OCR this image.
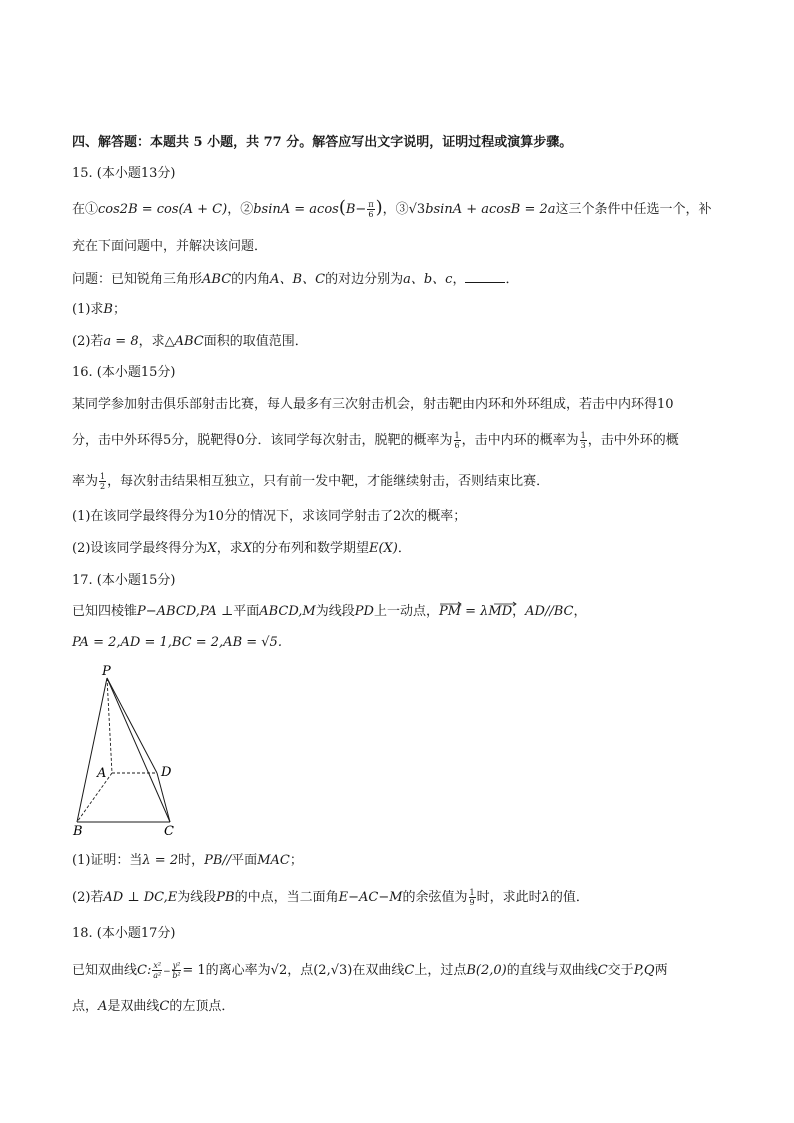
四、解答题：本题共 5 小题，共 77 分。解答应写出文字说明，证明过程或演算步骤。
15. (本小题13分)
在①cos2B = cos(A + C)，②bsinA = $acos(B- \frac{\pi}{6}$ )，③√3bsinA + acosB = 2a这三个条件中任选一个，补
充在下面问题中，并解决该问题．
问题：已知锐角三角形ABC的内角A、B、C的对边分别为a、b、c，	．
(1)求B；
(2)若a = 8，求△ABC面积的取值范围．
16. (本小题15分)
某同学参加射击俱乐部射击比赛，每人最多有三次射击机会，射击靶由内环和外环组成，若击中内环得10
分，击中外环得5分，脱靶得0分．该同学每次射击，脱靶的概率为 $\frac{1}{6}$ ，击中内环的概率为 $\frac{1}{3}$ ，击中外环的概
率为 $\frac{1}{2}$ ，每次射击结果相互独立，只有前一发中靶，才能继续射击，否则结束比赛．
(1)在该同学最终得分为10分的情况下，求该同学射击了2次的概率；
(2)设该同学最终得分为X，求X的分布列和数学期望E(X)．
17. (本小题15分)
已知四棱锥P−ABCD,PA ⊥平面ABCD,M为线段PD上一动点，PM = λMD
，AD//BC，
PA = 2,AD = 1,BC = 2,AB = √5.
P
A	D
B	C
(1)证明：当λ = 2时，PB//平面MAC；
(2)若AD ⊥ DC,E为线段PB的中点，当二面角E−AC−M的余弦值为 $\frac{1}{9}$ 时，求此时λ的值．
18. (本小题17分)
已知双曲线C: $\frac{\text{x²}}{\text{a²}} - \frac{\text{y²}}{\text{b²}} = 1$的离心率为√2，点(2,√3)在双曲线C上，过点B(2,0)的直线与双曲线C交于P,Q两
点，A是双曲线C的左顶点．
